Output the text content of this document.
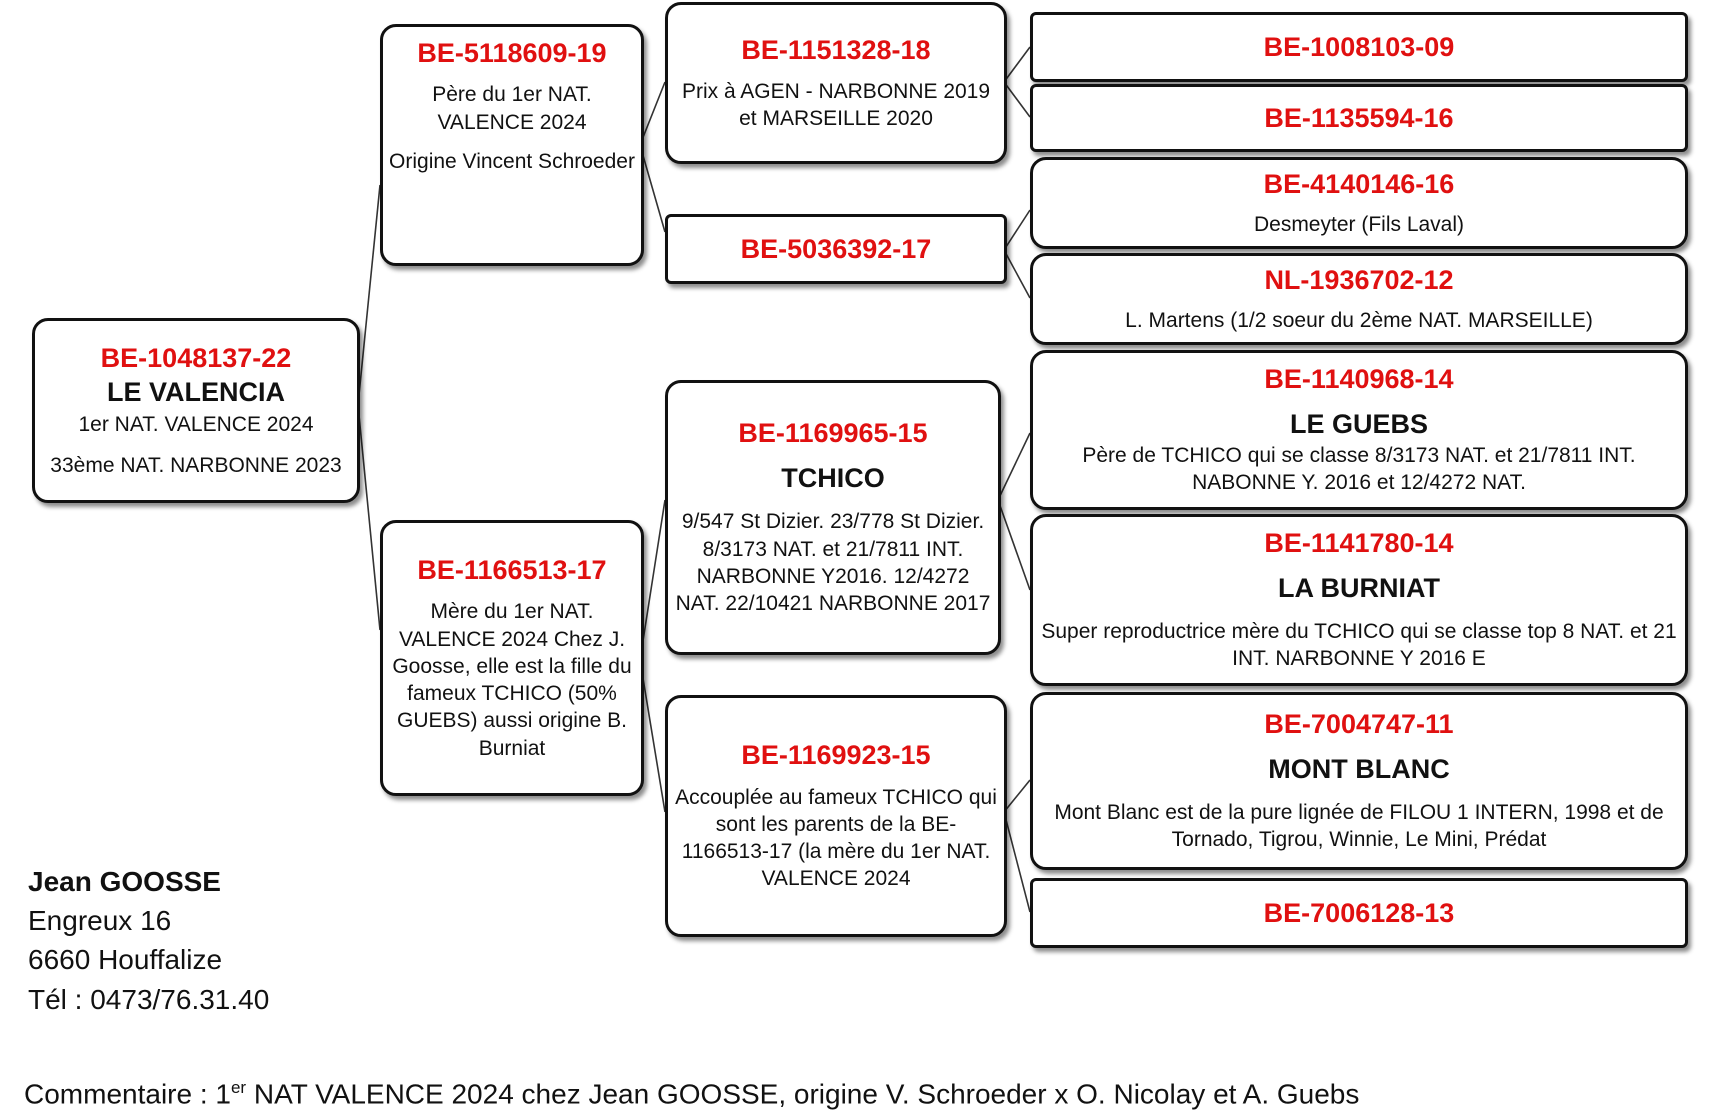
BE-1048137-22
LE VALENCIA
1er NAT. VALENCE 2024
33ème NAT. NARBONNE 2023
BE-5118609-19
Père du 1er NAT. VALENCE 2024
Origine Vincent Schroeder
BE-1166513-17
Mère du 1er NAT. VALENCE 2024 Chez J. Goosse, elle est la fille du fameux TCHICO (50% GUEBS) aussi origine B. Burniat
BE-1151328-18
Prix à AGEN - NARBONNE 2019 et MARSEILLE 2020
BE-5036392-17
BE-1169965-15
TCHICO
9/547 St Dizier. 23/778 St Dizier. 8/3173 NAT. et 21/7811 INT. NARBONNE Y2016. 12/4272 NAT. 22/10421 NARBONNE 2017
BE-1169923-15
Accouplée au fameux TCHICO qui sont les parents de la BE-1166513-17 (la mère du 1er NAT. VALENCE 2024
BE-1008103-09
BE-1135594-16
BE-4140146-16
Desmeyter (Fils Laval)
NL-1936702-12
L. Martens (1/2 soeur du 2ème NAT. MARSEILLE)
BE-1140968-14
LE GUEBS
Père de TCHICO qui se classe 8/3173 NAT. et 21/7811 INT. NABONNE Y. 2016 et 12/4272 NAT.
BE-1141780-14
LA BURNIAT
Super reproductrice mère du TCHICO qui se classe top 8 NAT. et 21 INT. NARBONNE Y 2016 E
BE-7004747-11
MONT BLANC
Mont Blanc est de la pure lignée de FILOU 1 INTERN, 1998 et de Tornado, Tigrou, Winnie, Le Mini, Prédat
BE-7006128-13
Jean GOOSSE
Engreux 16
6660 Houffalize
Tél : 0473/76.31.40
Commentaire : 1er NAT VALENCE 2024 chez Jean GOOSSE, origine V. Schroeder x O. Nicolay et A. Guebs
